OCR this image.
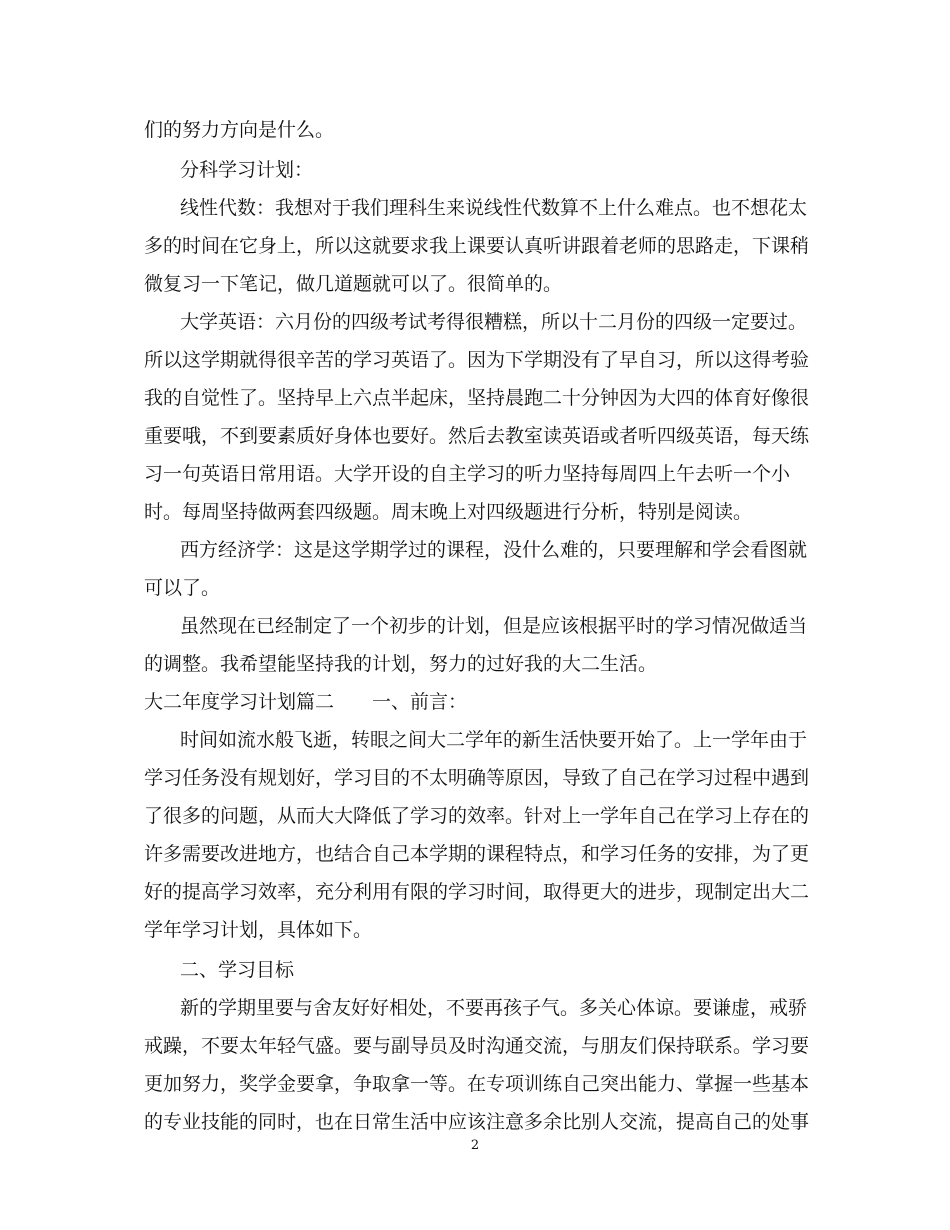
们的努力方向是什么。
分科学习计划：
线性代数：我想对于我们理科生来说线性代数算不上什么难点。也不想花太
多的时间在它身上，所以这就要求我上课要认真听讲跟着老师的思路走，下课稍
微复习一下笔记，做几道题就可以了。很简单的。
大学英语：六月份的四级考试考得很糟糕，所以十二月份的四级一定要过。
所以这学期就得很辛苦的学习英语了。因为下学期没有了早自习，所以这得考验
我的自觉性了。坚持早上六点半起床，坚持晨跑二十分钟因为大四的体育好像很
重要哦，不到要素质好身体也要好。然后去教室读英语或者听四级英语，每天练
习一句英语日常用语。大学开设的自主学习的听力坚持每周四上午去听一个小
时。每周坚持做两套四级题。周末晚上对四级题进行分析，特别是阅读。
西方经济学：这是这学期学过的课程，没什么难的，只要理解和学会看图就
可以了。
虽然现在已经制定了一个初步的计划，但是应该根据平时的学习情况做适当
的调整。我希望能坚持我的计划，努力的过好我的大二生活。
大二年度学习计划篇二　　一、前言：
时间如流水般飞逝，转眼之间大二学年的新生活快要开始了。上一学年由于
学习任务没有规划好，学习目的不太明确等原因，导致了自己在学习过程中遇到
了很多的问题，从而大大降低了学习的效率。针对上一学年自己在学习上存在的
许多需要改进地方，也结合自己本学期的课程特点，和学习任务的安排，为了更
好的提高学习效率，充分利用有限的学习时间，取得更大的进步，现制定出大二
学年学习计划，具体如下。
二、学习目标
新的学期里要与舍友好好相处，不要再孩子气。多关心体谅。要谦虚，戒骄
戒躁，不要太年轻气盛。要与副导员及时沟通交流，与朋友们保持联系。学习要
更加努力，奖学金要拿，争取拿一等。在专项训练自己突出能力、掌握一些基本
的专业技能的同时，也在日常生活中应该注意多余比别人交流，提高自己的处事
2
